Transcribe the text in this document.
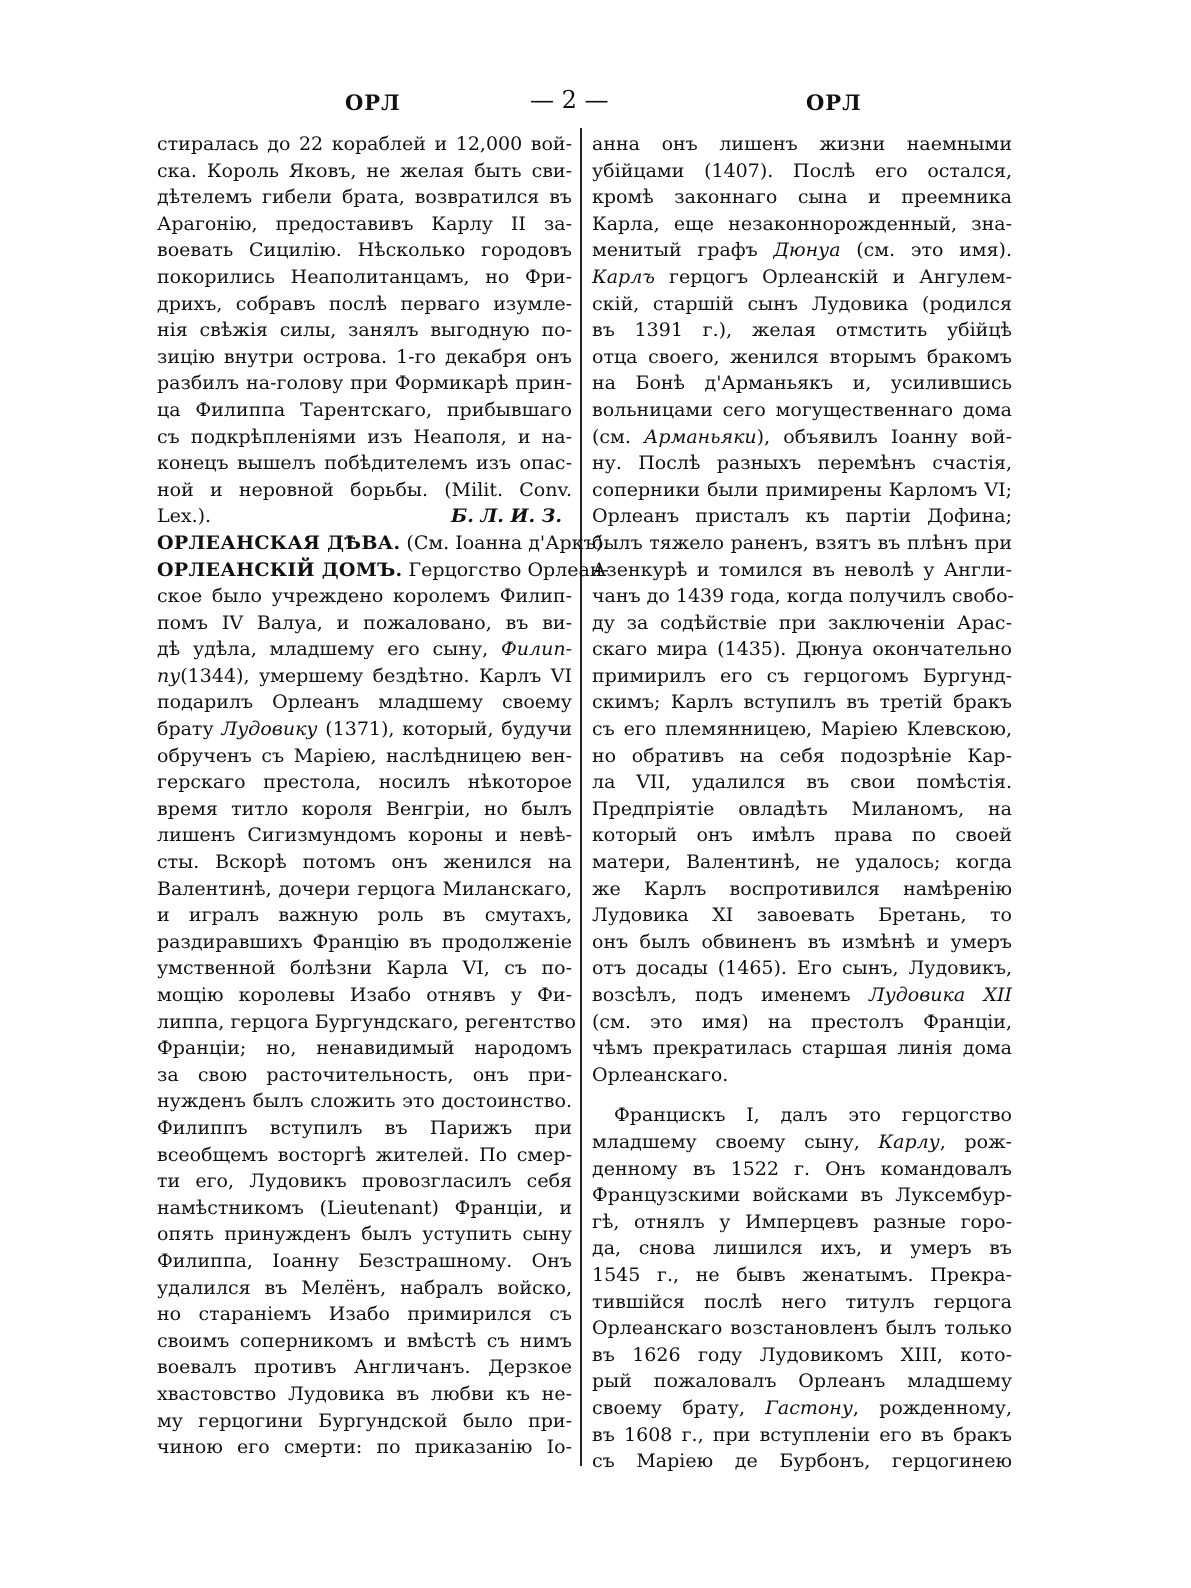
ОРЛ	— 2 —	ОРЛ
стиралась до 22 кораблей и 12,000 вой-
ска. Король Яковъ, не желая быть сви-
дѣтелемъ гибели брата, возвратился въ
Арагонію, предоставивъ Карлу II за-
воевать Сицилію. Нѣсколько городовъ
покорились Неаполитанцамъ, но Фри-
дрихъ, собравъ послѣ перваго изумле-
нія свѣжія силы, занялъ выгодную по-
зицію внутри острова. 1-го декабря онъ
разбилъ на-голову при Формикарѣ прин-
ца Филиппа Тарентскаго, прибывшаго
съ подкрѣпленіями изъ Неаполя, и на-
конецъ вышелъ побѣдителемъ изъ опас-
ной и неровной борьбы. (Milit. Conv.
Lex.).	Б. Л. И. З.
ОРЛЕАНСКАЯ ДѢВА. (См. Іоанна д'Аркъ).
ОРЛЕАНСКІЙ ДОМЪ. Герцогство Орлеан-
ское было учреждено королемъ Филип-
помъ IV Валуа, и пожаловано, въ ви-
дѣ удѣла, младшему его сыну, Филип-
пу(1344), умершему бездѣтно. Карлъ VI
подарилъ Орлеанъ младшему своему
брату Лудовику (1371), который, будучи
обрученъ съ Маріею, наслѣдницею вен-
герскаго престола, носилъ нѣкоторое
время титло короля Венгріи, но былъ
лишенъ Сигизмундомъ короны и невѣ-
сты. Вскорѣ потомъ онъ женился на
Валентинѣ, дочери герцога Миланскаго,
и игралъ важную роль въ смутахъ,
раздиравшихъ Францію въ продолженіе
умственной болѣзни Карла VI, съ по-
мощію королевы Изабо отнявъ у Фи-
липпа, герцога Бургундскаго, регентство
Франціи; но, ненавидимый народомъ
за свою расточительность, онъ при-
нужденъ былъ сложить это достоинство.
Филиппъ вступилъ въ Парижъ при
всеобщемъ восторгѣ жителей. По смер-
ти его, Лудовикъ провозгласилъ себя
намѣстникомъ (Lieutenant) Франціи, и
опять принужденъ былъ уступить сыну
Филиппа, Іоанну Безстрашному. Онъ
удалился въ Мелёнъ, набралъ войско,
но стараніемъ Изабо примирился съ
своимъ соперникомъ и вмѣстѣ съ нимъ
воевалъ противъ Англичанъ. Дерзкое
хвастовство Лудовика въ любви къ не-
му герцогини Бургундской было при-
чиною его смерти: по приказанію Іо-
анна онъ лишенъ жизни наемными
убійцами (1407). Послѣ его остался,
кромѣ законнаго сына и преемника
Карла, еще незаконнорожденный, зна-
менитый графъ Дюнуа (см. это имя).
Карлъ герцогъ Орлеанскій и Ангулем-
скій, старшій сынъ Лудовика (родился
въ 1391 г.), желая отмстить убійцѣ
отца своего, женился вторымъ бракомъ
на Бонѣ д'Арманьякъ и, усилившись
вольницами сего могущественнаго дома
(см. Арманьяки), объявилъ Іоанну вой-
ну. Послѣ разныхъ перемѣнъ счастія,
соперники были примирены Карломъ VI;
Орлеанъ присталъ къ партіи Дофина;
былъ тяжело раненъ, взятъ въ плѣнъ при
Азенкурѣ и томился въ неволѣ у Англи-
чанъ до 1439 года, когда получилъ свобо-
ду за содѣйствіе при заключеніи Арас-
скаго мира (1435). Дюнуа окончательно
примирилъ его съ герцогомъ Бургунд-
скимъ; Карлъ вступилъ въ третій бракъ
съ его племянницею, Маріею Клевскою,
но обративъ на себя подозрѣніе Кар-
ла VII, удалился въ свои помѣстія.
Предпріятіе овладѣть Миланомъ, на
который онъ имѣлъ права по своей
матери, Валентинѣ, не удалось; когда
же Карлъ воспротивился намѣренію
Лудовика XI завоевать Бретань, то
онъ былъ обвиненъ въ измѣнѣ и умеръ
отъ досады (1465). Его сынъ, Лудовикъ,
возсѣлъ, подъ именемъ Лудовика XII
(см. это имя) на престолъ Франціи,
чѣмъ прекратилась старшая линія дома
Орлеанскаго.
Францискъ I, далъ это герцогство
младшему своему сыну, Карлу, рож-
денному въ 1522 г. Онъ командовалъ
Французскими войсками въ Луксембур-
гѣ, отнялъ у Имперцевъ разные горо-
да, снова лишился ихъ, и умеръ въ
1545 г., не бывъ женатымъ. Прекра-
тившійся послѣ него титулъ герцога
Орлеанскаго возстановленъ былъ только
въ 1626 году Лудовикомъ XIII, кото-
рый пожаловалъ Орлеанъ младшему
своему брату, Гастону, рожденному,
въ 1608 г., при вступленіи его въ бракъ
съ Маріею де Бурбонъ, герцогинею
